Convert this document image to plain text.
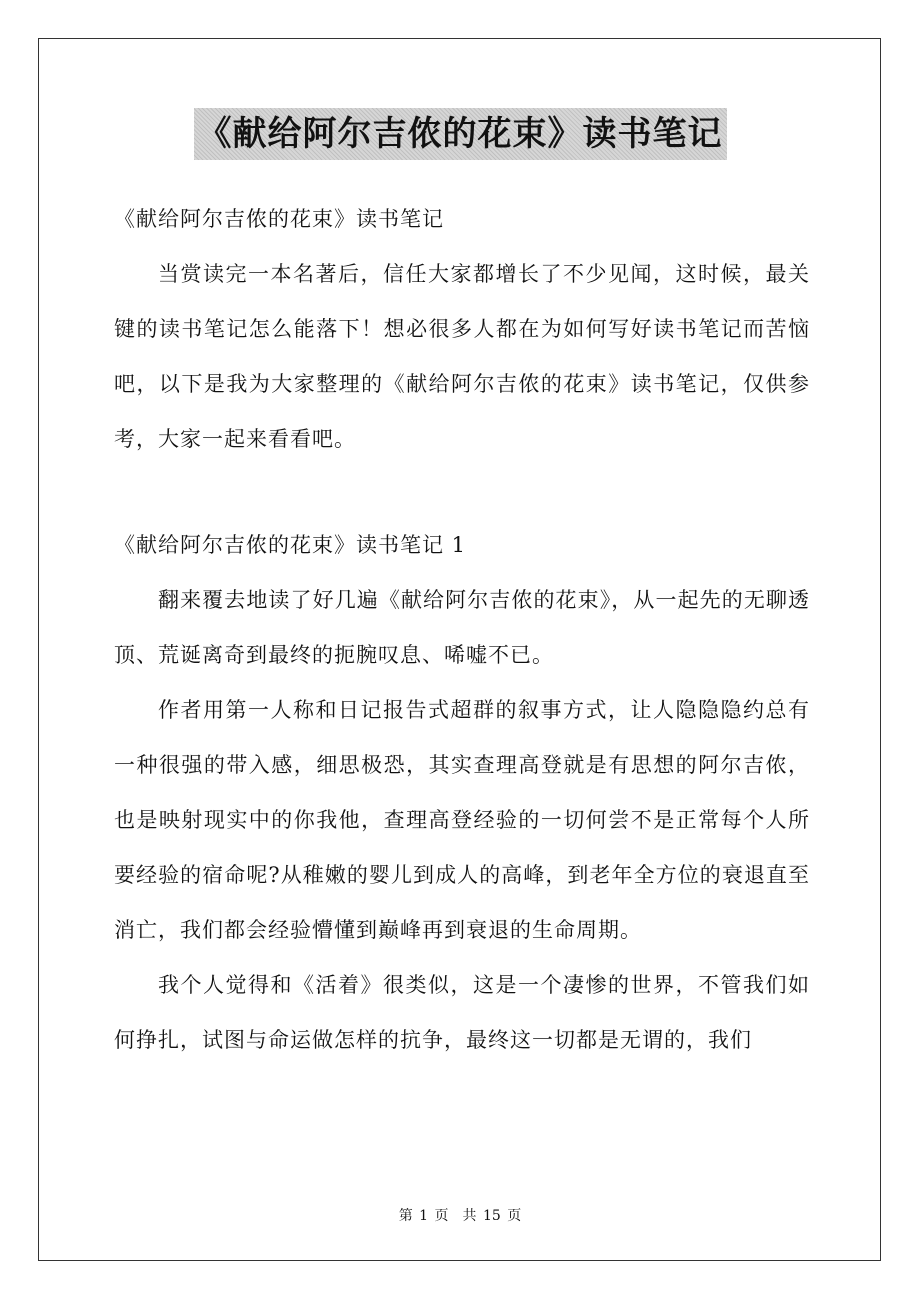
《献给阿尔吉侬的花束》读书笔记

《献给阿尔吉侬的花束》读书笔记

当赏读完一本名著后，信任大家都增长了不少见闻，这时候，最关键的读书笔记怎么能落下！想必很多人都在为如何写好读书笔记而苦恼吧，以下是我为大家整理的《献给阿尔吉侬的花束》读书笔记，仅供参考，大家一起来看看吧。

《献给阿尔吉侬的花束》读书笔记 1

翻来覆去地读了好几遍《献给阿尔吉侬的花束》，从一起先的无聊透顶、荒诞离奇到最终的扼腕叹息、唏嘘不已。

作者用第一人称和日记报告式超群的叙事方式，让人隐隐隐约总有一种很强的带入感，细思极恐，其实查理高登就是有思想的阿尔吉侬，也是映射现实中的你我他，查理高登经验的一切何尝不是正常每个人所要经验的宿命呢?从稚嫩的婴儿到成人的高峰，到老年全方位的衰退直至消亡，我们都会经验懵懂到巅峰再到衰退的生命周期。

我个人觉得和《活着》很类似，这是一个凄惨的世界，不管我们如何挣扎，试图与命运做怎样的抗争，最终这一切都是无谓的，我们

第 1 页　共 15 页
